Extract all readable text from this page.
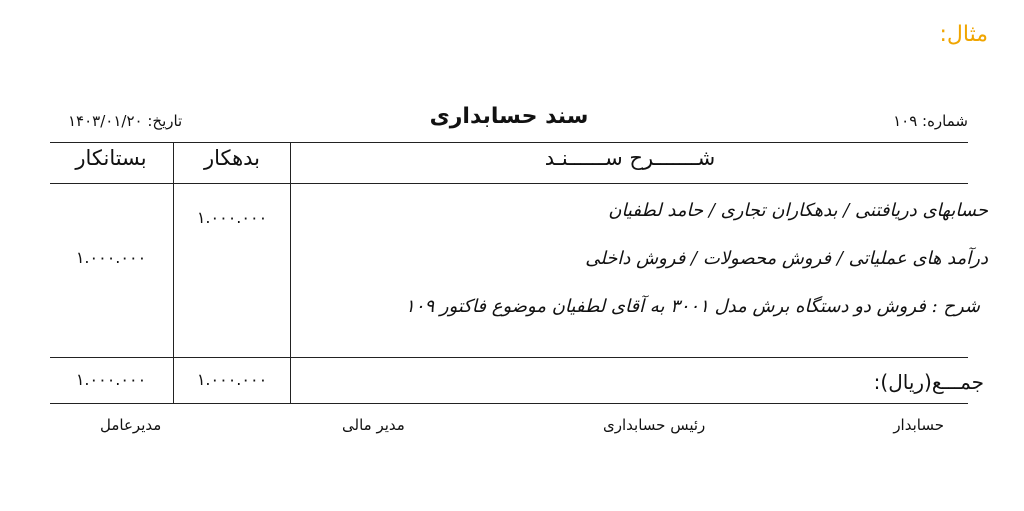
مثال:
سند حسابداری	شماره: ۱۰۹
تاریخ: ۱۴۰۳/۰۱/۲۰
شـــــــرح ســــــنـد
بدهکار
بستانکار
۱.۰۰۰.۰۰۰
۱.۰۰۰.۰۰۰
حسابهای دریافتنی / بدهکاران تجاری / حامد لطفیان
درآمد های عملیاتی / فروش محصولات / فروش داخلی
شرح : فروش دو دستگاه برش مدل ۳۰۰۱ به آقای لطفیان موضوع فاکتور ۱۰۹
جمـــع(ریال):
۱.۰۰۰.۰۰۰
۱.۰۰۰.۰۰۰
حسابدار
رئیس حسابداری
مدیر مالی
مدیرعامل
